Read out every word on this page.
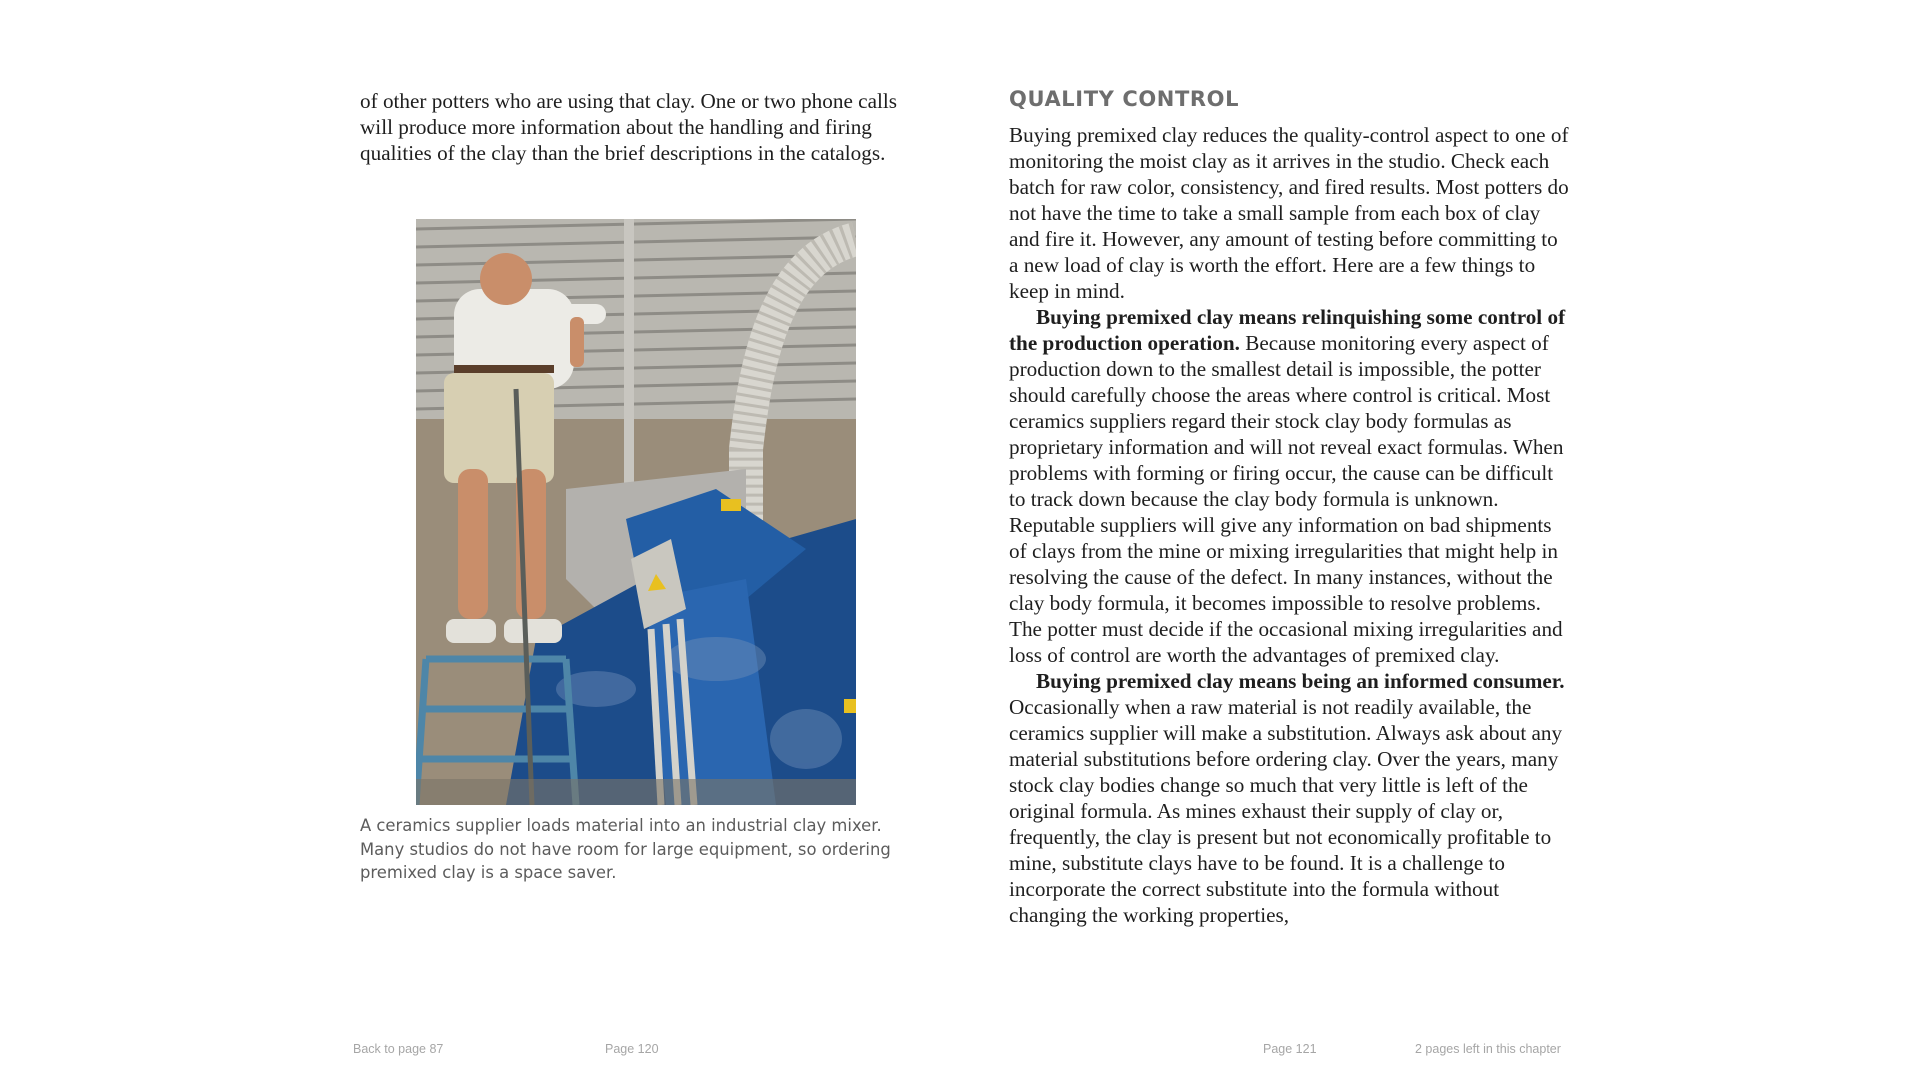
of other potters who are using that clay. One or two phone calls will produce more information about the handling and firing qualities of the clay than the brief descriptions in the catalogs.

A ceramics supplier loads material into an industrial clay mixer. Many studios do not have room for large equipment, so ordering premixed clay is a space saver.

QUALITY CONTROL

Buying premixed clay reduces the quality-control aspect to one of monitoring the moist clay as it arrives in the studio. Check each batch for raw color, consistency, and fired results. Most potters do not have the time to take a small sample from each box of clay and fire it. However, any amount of testing before committing to a new load of clay is worth the effort. Here are a few things to keep in mind.

Buying premixed clay means relinquishing some control of the production operation. Because monitoring every aspect of production down to the smallest detail is impossible, the potter should carefully choose the areas where control is critical. Most ceramics suppliers regard their stock clay body formulas as proprietary information and will not reveal exact formulas. When problems with forming or firing occur, the cause can be difficult to track down because the clay body formula is unknown. Reputable suppliers will give any information on bad shipments of clays from the mine or mixing irregularities that might help in resolving the cause of the defect. In many instances, without the clay body formula, it becomes impossible to resolve problems. The potter must decide if the occasional mixing irregularities and loss of control are worth the advantages of premixed clay.

Buying premixed clay means being an informed consumer. Occasionally when a raw material is not readily available, the ceramics supplier will make a substitution. Always ask about any material substitutions before ordering clay. Over the years, many stock clay bodies change so much that very little is left of the original formula. As mines exhaust their supply of clay or, frequently, the clay is present but not economically profitable to mine, substitute clays have to be found. It is a challenge to incorporate the correct substitute into the formula without changing the working properties,

Back to page 87	Page 120	Page 121	2 pages left in this chapter
